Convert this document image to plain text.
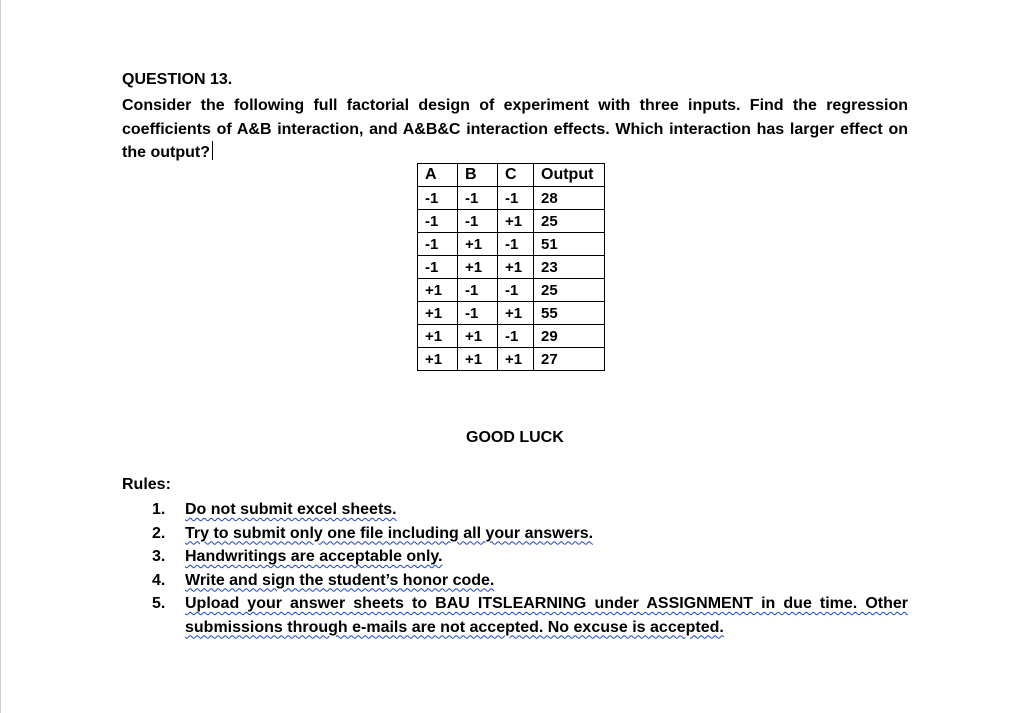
QUESTION 13.
Consider the following full factorial design of experiment with three inputs. Find the regression coefficients of A&B interaction, and A&B&C interaction effects. Which interaction has larger effect on the output?
A	B	C	Output
-1	-1	-1	28
-1	-1	+1	25
-1	+1	-1	51
-1	+1	+1	23
+1	-1	-1	25
+1	-1	+1	55
+1	+1	-1	29
+1	+1	+1	27
GOOD LUCK
Rules:
1. Do not submit excel sheets.
2. Try to submit only one file including all your answers.
3. Handwritings are acceptable only.
4. Write and sign the student’s honor code.
5. Upload your answer sheets to BAU ITSLEARNING under ASSIGNMENT in due time. Other submissions through e-mails are not accepted. No excuse is accepted.
